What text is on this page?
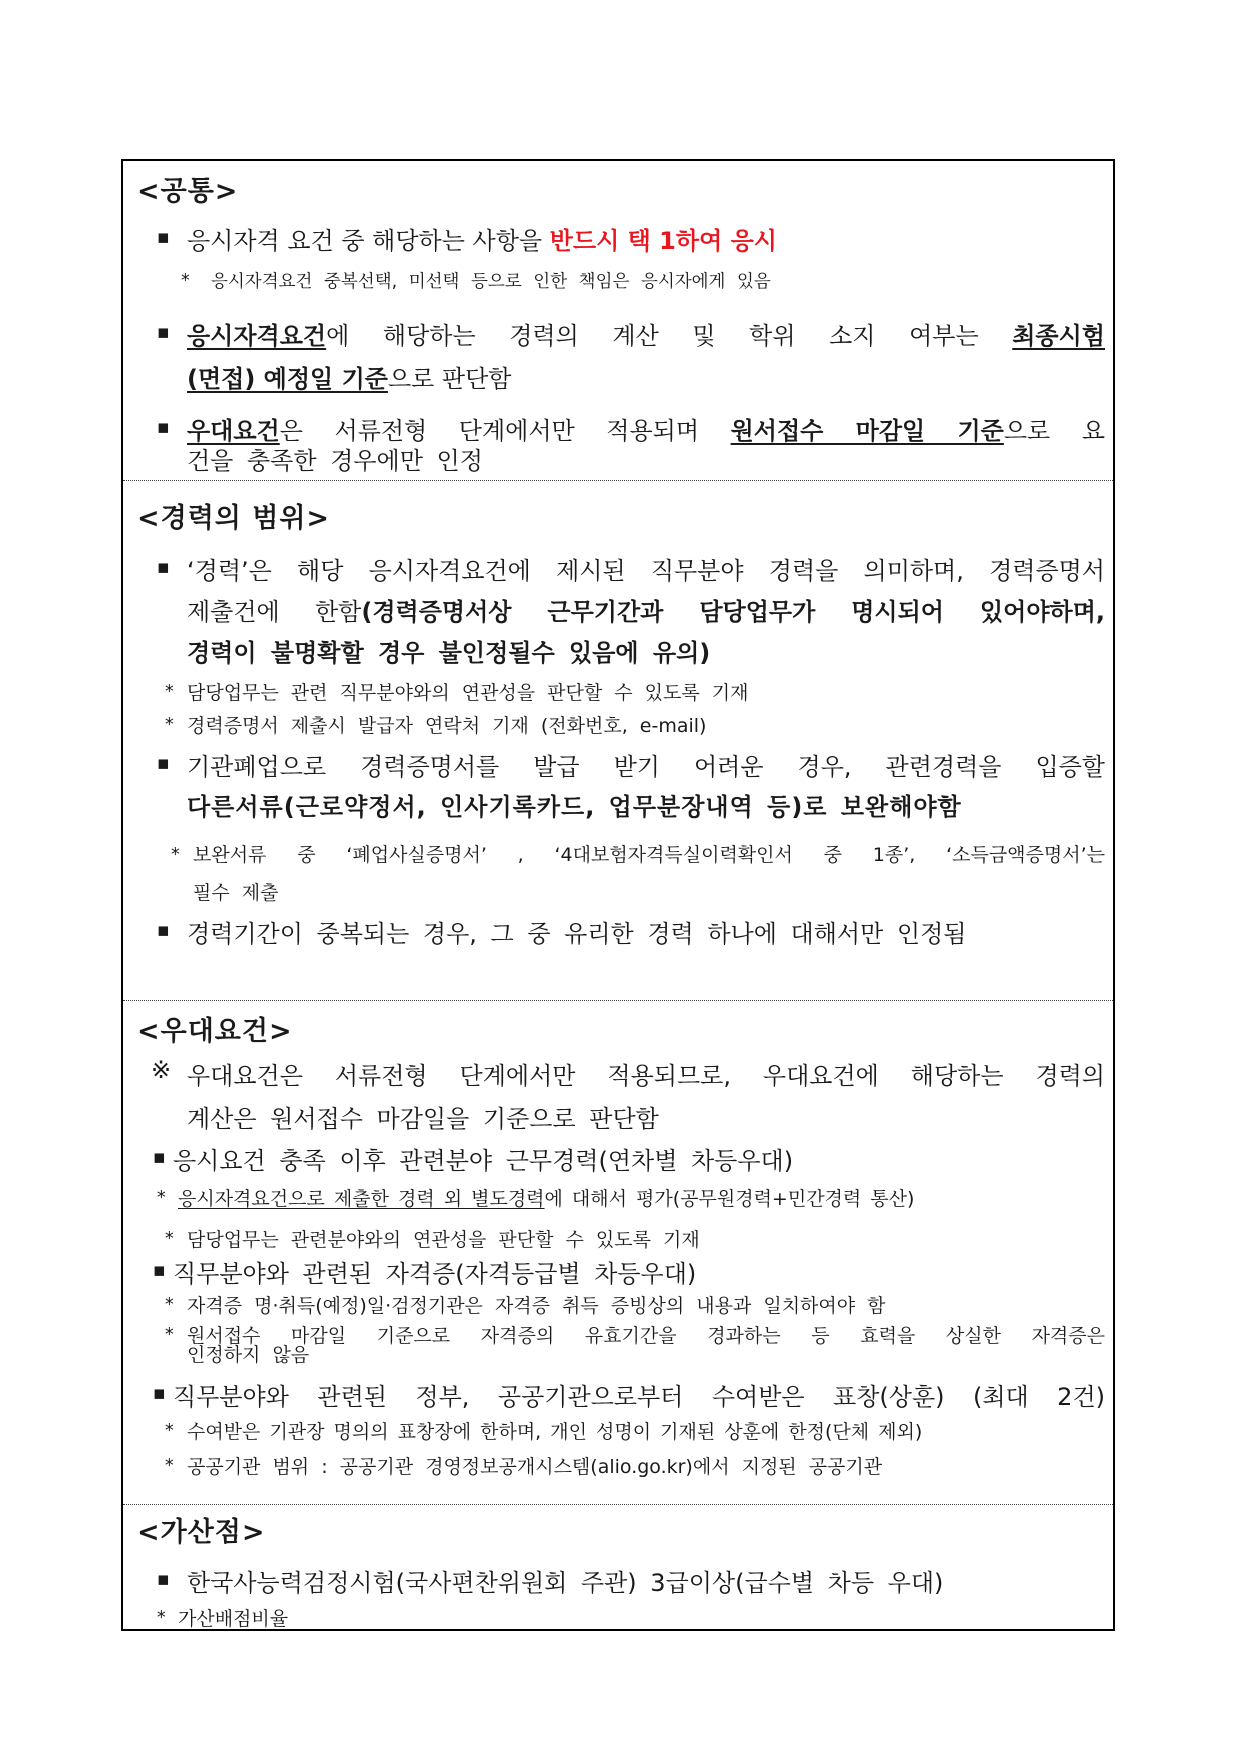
<공통>
▪ 응시자격 요건 중 해당하는 사항을 반드시 택 1하여 응시
* 응시자격요건 중복선택, 미선택 등으로 인한 책임은 응시자에게 있음
▪ 응시자격요건에 해당하는 경력의 계산 및 학위 소지 여부는 최종시험
(면접) 예정일 기준으로 판단함
▪ 우대요건은 서류전형 단계에서만 적용되며 원서접수 마감일 기준으로 요
건을 충족한 경우에만 인정
<경력의 범위>
▪ ‘경력’은 해당 응시자격요건에 제시된 직무분야 경력을 의미하며, 경력증명서
제출건에 한함(경력증명서상 근무기간과 담당업무가 명시되어 있어야하며,
경력이 불명확할 경우 불인정될수 있음에 유의)
* 담당업무는 관련 직무분야와의 연관성을 판단할 수 있도록 기재
* 경력증명서 제출시 발급자 연락처 기재 (전화번호, e-mail)
▪ 기관폐업으로 경력증명서를 발급 받기 어려운 경우, 관련경력을 입증할
다른서류(근로약정서, 인사기록카드, 업무분장내역 등)로 보완해야함
* 보완서류 중 ‘폐업사실증명서’ , ‘4대보험자격득실이력확인서 중 1종’, ‘소득금액증명서’는
필수 제출
▪ 경력기간이 중복되는 경우, 그 중 유리한 경력 하나에 대해서만 인정됨
<우대요건>
※ 우대요건은 서류전형 단계에서만 적용되므로, 우대요건에 해당하는 경력의
계산은 원서접수 마감일을 기준으로 판단함
▪ 응시요건 충족 이후 관련분야 근무경력(연차별 차등우대)
* 응시자격요건으로 제출한 경력 외 별도경력에 대해서 평가(공무원경력+민간경력 통산)
* 담당업무는 관련분야와의 연관성을 판단할 수 있도록 기재
▪ 직무분야와 관련된 자격증(자격등급별 차등우대)
* 자격증 명·취득(예정)일·검정기관은 자격증 취득 증빙상의 내용과 일치하여야 함
* 원서접수 마감일 기준으로 자격증의 유효기간을 경과하는 등 효력을 상실한 자격증은
인정하지 않음
▪ 직무분야와 관련된 정부, 공공기관으로부터 수여받은 표창(상훈) (최대 2건)
* 수여받은 기관장 명의의 표창장에 한하며, 개인 성명이 기재된 상훈에 한정(단체 제외)
* 공공기관 범위 : 공공기관 경영정보공개시스템(alio.go.kr)에서 지정된 공공기관
<가산점>
▪ 한국사능력검정시험(국사편찬위원회 주관) 3급이상(급수별 차등 우대)
* 가산배점비율
